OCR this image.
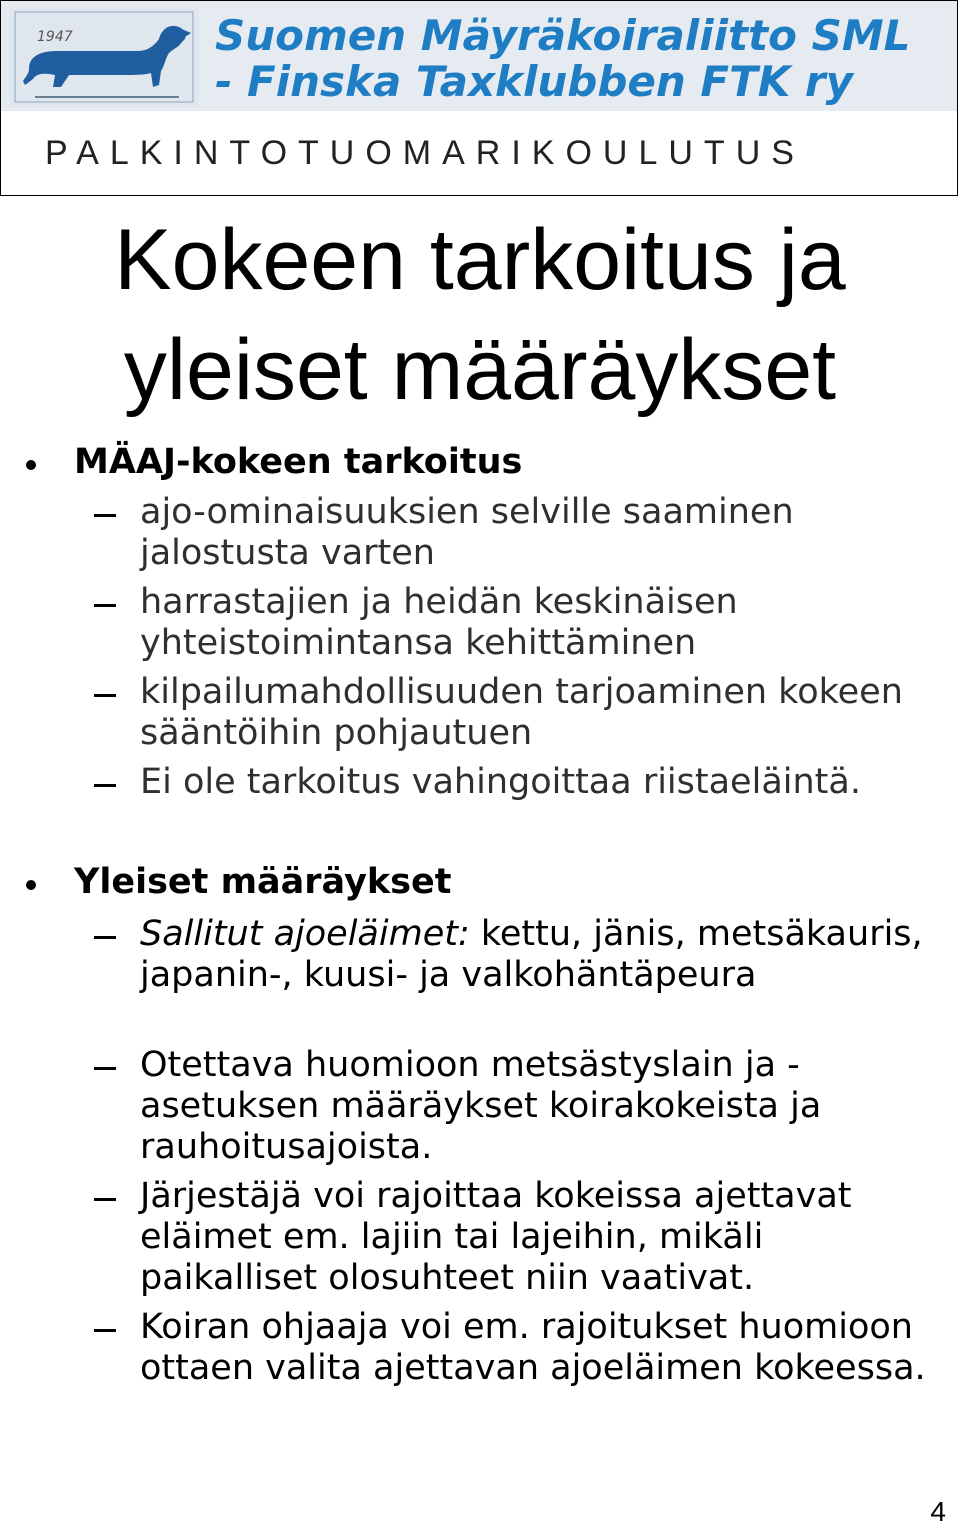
1947	Suomen Mäyräkoiraliitto SML
- Finska Taxklubben FTK ry
PALKINTOTUOMARIKOULUTUS
Kokeen tarkoitus ja
yleiset määräykset
MÄAJ-kokeen tarkoitus
ajo-ominaisuuksien selville saaminen jalostusta varten
harrastajien ja heidän keskinäisen yhteistoimintansa kehittäminen
kilpailumahdollisuuden tarjoaminen kokeen sääntöihin pohjautuen
Ei ole tarkoitus vahingoittaa riistaeläintä.
Yleiset määräykset
Sallitut ajoeläimet: kettu, jänis, metsäkauris, japanin-, kuusi- ja valkohäntäpeura
Otettava huomioon metsästyslain ja -asetuksen määräykset koirakokeista ja rauhoitusajoista.
Järjestäjä voi rajoittaa kokeissa ajettavat eläimet em. lajiin tai lajeihin, mikäli paikalliset olosuhteet niin vaativat.
Koiran ohjaaja voi em. rajoitukset huomioon ottaen valita ajettavan ajoeläimen kokeessa.
4
